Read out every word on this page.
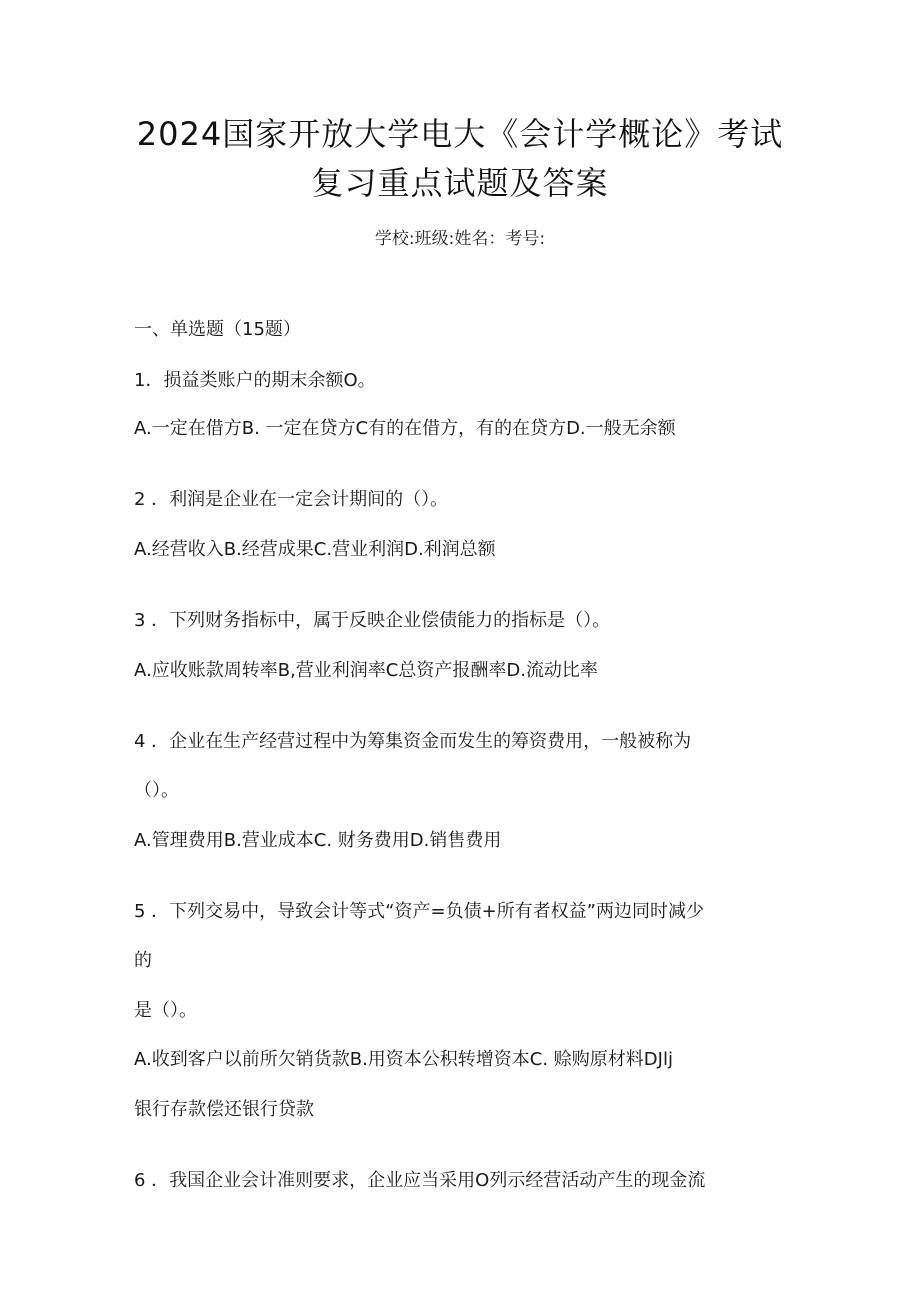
2024国家开放大学电大《会计学概论》考试
复习重点试题及答案
学校:班级:姓名：考号:
一、单选题（15题）
1．损益类账户的期末余额O。
A.一定在借方B. 一定在贷方C有的在借方，有的在贷方D.一般无余额
2 ．利润是企业在一定会计期间的（）。
A.经营收入B.经营成果C.营业利润D.利润总额
3 ．下列财务指标中，属于反映企业偿债能力的指标是（）。
A.应收账款周转率B,营业利润率C总资产报酬率D.流动比率
4 ．企业在生产经营过程中为筹集资金而发生的筹资费用，一般被称为
（）。
A.管理费用B.营业成本C. 财务费用D.销售费用
5 ．下列交易中，导致会计等式“资产=负债+所有者权益”两边同时减少
的
是（）。
A.收到客户以前所欠销货款B.用资本公积转增资本C. 赊购原材料DJlj
银行存款偿还银行贷款
6 ．我国企业会计准则要求，企业应当采用O列示经营活动产生的现金流
